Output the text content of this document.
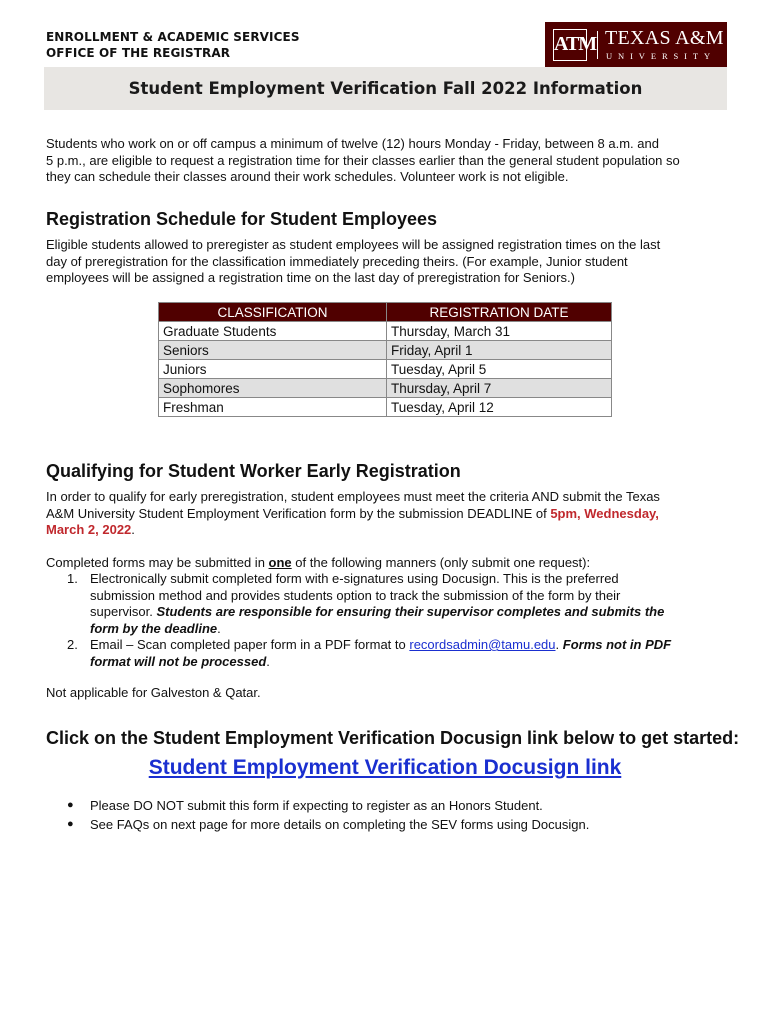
ENROLLMENT & ACADEMIC SERVICES
OFFICE OF THE REGISTRAR	ATM TEXAS A&M
UNIVERSITY
Student Employment Verification Fall 2022 Information

Students who work on or off campus a minimum of twelve (12) hours Monday - Friday, between 8 a.m. and
5 p.m., are eligible to request a registration time for their classes earlier than the general student population so
they can schedule their classes around their work schedules. Volunteer work is not eligible.

Registration Schedule for Student Employees

Eligible students allowed to preregister as student employees will be assigned registration times on the last
day of preregistration for the classification immediately preceding theirs. (For example, Junior student
employees will be assigned a registration time on the last day of preregistration for Seniors.)

CLASSIFICATION	REGISTRATION DATE
Graduate Students	Thursday, March 31
Seniors	Friday, April 1
Juniors	Tuesday, April 5
Sophomores	Thursday, April 7
Freshman	Tuesday, April 12
Qualifying for Student Worker Early Registration

In order to qualify for early preregistration, student employees must meet the criteria AND submit the Texas
A&M University Student Employment Verification form by the submission DEADLINE of 5pm, Wednesday,
March 2, 2022.

Completed forms may be submitted in one of the following manners (only submit one request):

1. Electronically submit completed form with e-signatures using Docusign. This is the preferred
submission method and provides students option to track the submission of the form by their
supervisor. Students are responsible for ensuring their supervisor completes and submits the
form by the deadline.
2. Email – Scan completed paper form in a PDF format to recordsadmin@tamu.edu. Forms not in PDF
format will not be processed.

Not applicable for Galveston & Qatar.

Click on the Student Employment Verification Docusign link below to get started:
Student Employment Verification Docusign link
● Please DO NOT submit this form if expecting to register as an Honors Student.
● See FAQs on next page for more details on completing the SEV forms using Docusign.
